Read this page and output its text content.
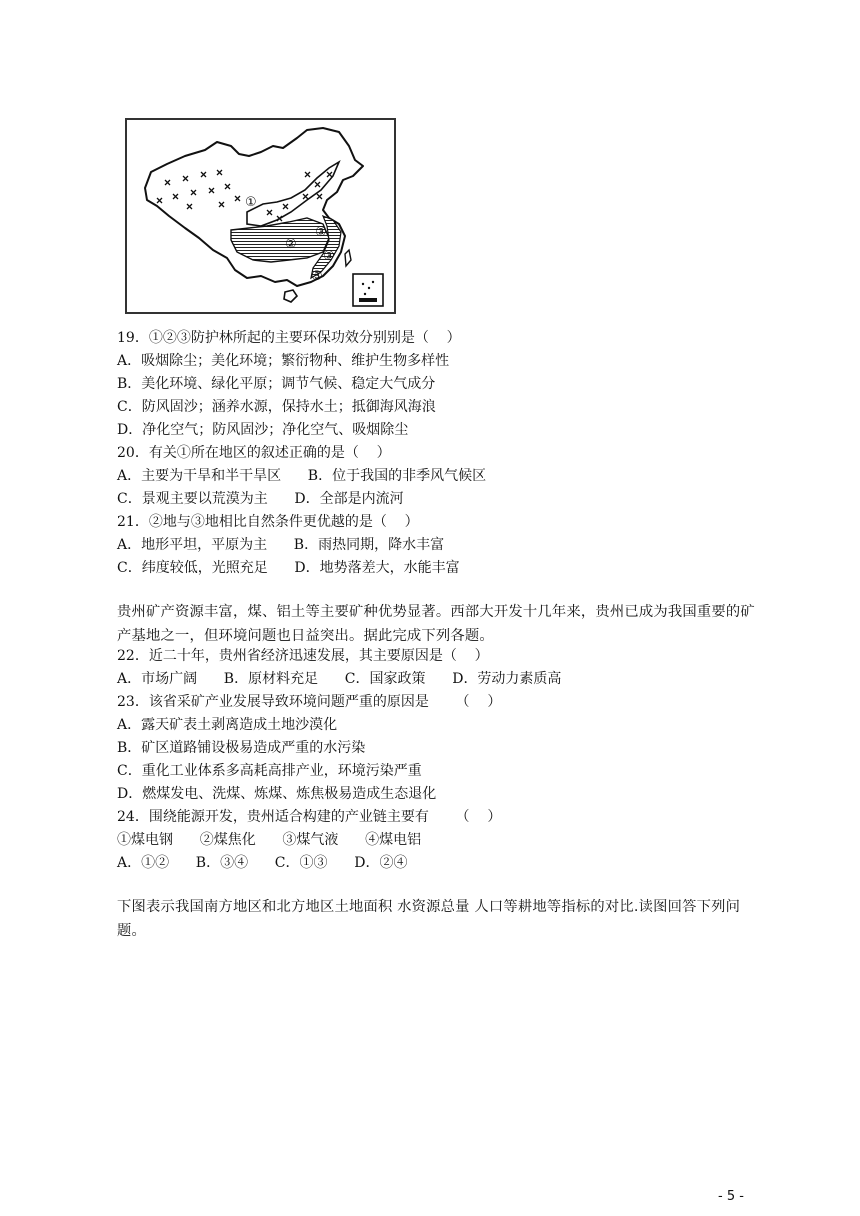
①
②
③
③
③
19．①②③防护林所起的主要环保功效分别别是（    ）
A．吸烟除尘；美化环境；繁衍物种、维护生物多样性
B．美化环境、绿化平原；调节气候、稳定大气成分
C．防风固沙；涵养水源，保持水土；抵御海风海浪
D．净化空气；防风固沙；净化空气、吸烟除尘
20．有关①所在地区的叙述正确的是（    ）
A．主要为干旱和半干旱区      B．位于我国的非季风气候区
C．景观主要以荒漠为主      D．全部是内流河
21．②地与③地相比自然条件更优越的是（    ）
A．地形平坦，平原为主      B．雨热同期，降水丰富
C．纬度较低，光照充足      D．地势落差大，水能丰富
贵州矿产资源丰富，煤、铝土等主要矿种优势显著。西部大开发十几年来，贵州已成为我国重要的矿产基地之一，但环境问题也日益突出。据此完成下列各题。
22．近二十年，贵州省经济迅速发展，其主要原因是（    ）
A．市场广阔      B．原材料充足      C．国家政策      D．劳动力素质高
23．该省采矿产业发展导致环境问题严重的原因是      （    ）
A．露天矿表土剥离造成土地沙漠化
B．矿区道路铺设极易造成严重的水污染
C．重化工业体系多高耗高排产业，环境污染严重
D．燃煤发电、洗煤、炼煤、炼焦极易造成生态退化
24．围绕能源开发，贵州适合构建的产业链主要有      （    ）
①煤电钢      ②煤焦化      ③煤气液      ④煤电铝
A．①②      B．③④      C．①③      D．②④
下图表示我国南方地区和北方地区土地面积 水资源总量 人口等耕地等指标的对比.读图回答下列问题。
- 5 -
